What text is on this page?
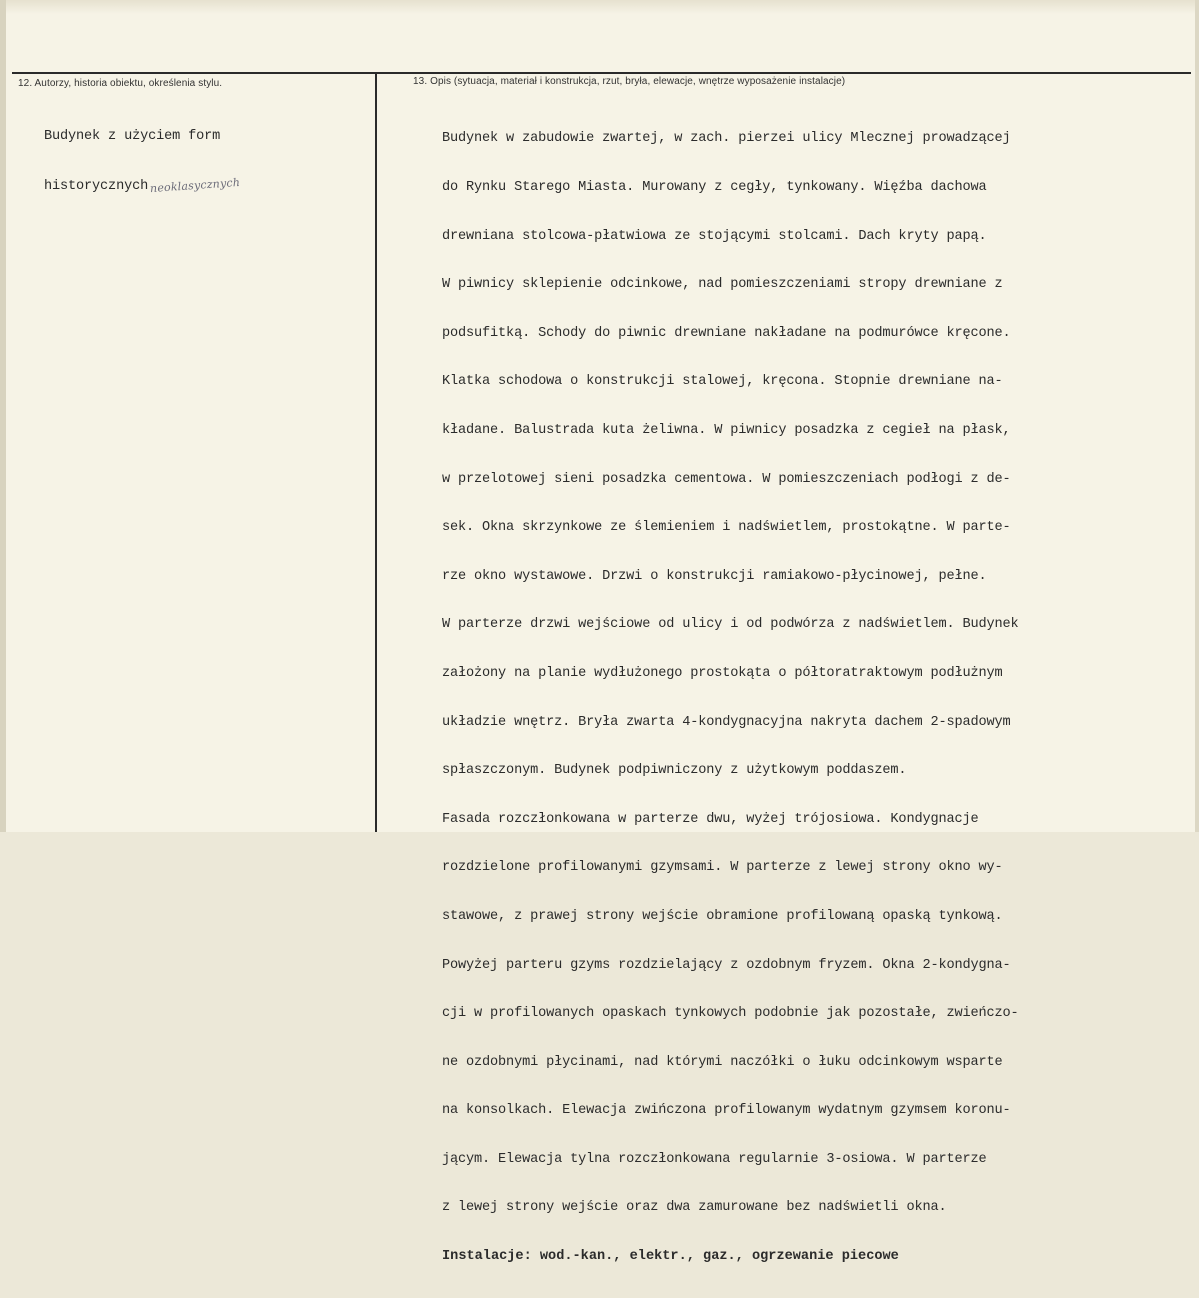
12. Autorzy, historia obiektu, określenia stylu.	13. Opis (sytuacja, materiał i konstrukcja, rzut, bryła, elewacje, wnętrze wyposażenie instalacje)

Budynek z użyciem form

historycznych neoklasycznych

Budynek w zabudowie zwartej, w zach. pierzei ulicy Mlecznej prowadzącej

do Rynku Starego Miasta. Murowany z cegły, tynkowany. Więźba dachowa

drewniana stolcowa-płatwiowa ze stojącymi stolcami. Dach kryty papą.

W piwnicy sklepienie odcinkowe, nad pomieszczeniami stropy drewniane z

podsufitką. Schody do piwnic drewniane nakładane na podmurówce kręcone.

Klatka schodowa o konstrukcji stalowej, kręcona. Stopnie drewniane na-

kładane. Balustrada kuta żeliwna. W piwnicy posadzka z cegieł na płask,

w przelotowej sieni posadzka cementowa. W pomieszczeniach podłogi z de-

sek. Okna skrzynkowe ze ślemieniem i nadświetlem, prostokątne. W parte-

rze okno wystawowe. Drzwi o konstrukcji ramiakowo-płycinowej, pełne.

W parterze drzwi wejściowe od ulicy i od podwórza z nadświetlem. Budynek

założony na planie wydłużonego prostokąta o półtoratraktowym podłużnym

układzie wnętrz. Bryła zwarta 4-kondygnacyjna nakryta dachem 2-spadowym

spłaszczonym. Budynek podpiwniczony z użytkowym poddaszem.

Fasada rozczłonkowana w parterze dwu, wyżej trójosiowa. Kondygnacje

rozdzielone profilowanymi gzymsami. W parterze z lewej strony okno wy-

stawowe, z prawej strony wejście obramione profilowaną opaską tynkową.

Powyżej parteru gzyms rozdzielający z ozdobnym fryzem. Okna 2-kondygna-

cji w profilowanych opaskach tynkowych podobnie jak pozostałe, zwieńczo-

ne ozdobnymi płycinami, nad którymi naczółki o łuku odcinkowym wsparte

na konsolkach. Elewacja zwińczona profilowanym wydatnym gzymsem koronu-

jącym. Elewacja tylna rozczłonkowana regularnie 3-osiowa. W parterze

z lewej strony wejście oraz dwa zamurowane bez nadświetli okna.

Instalacje: wod.-kan., elektr., gaz., ogrzewanie piecowe
